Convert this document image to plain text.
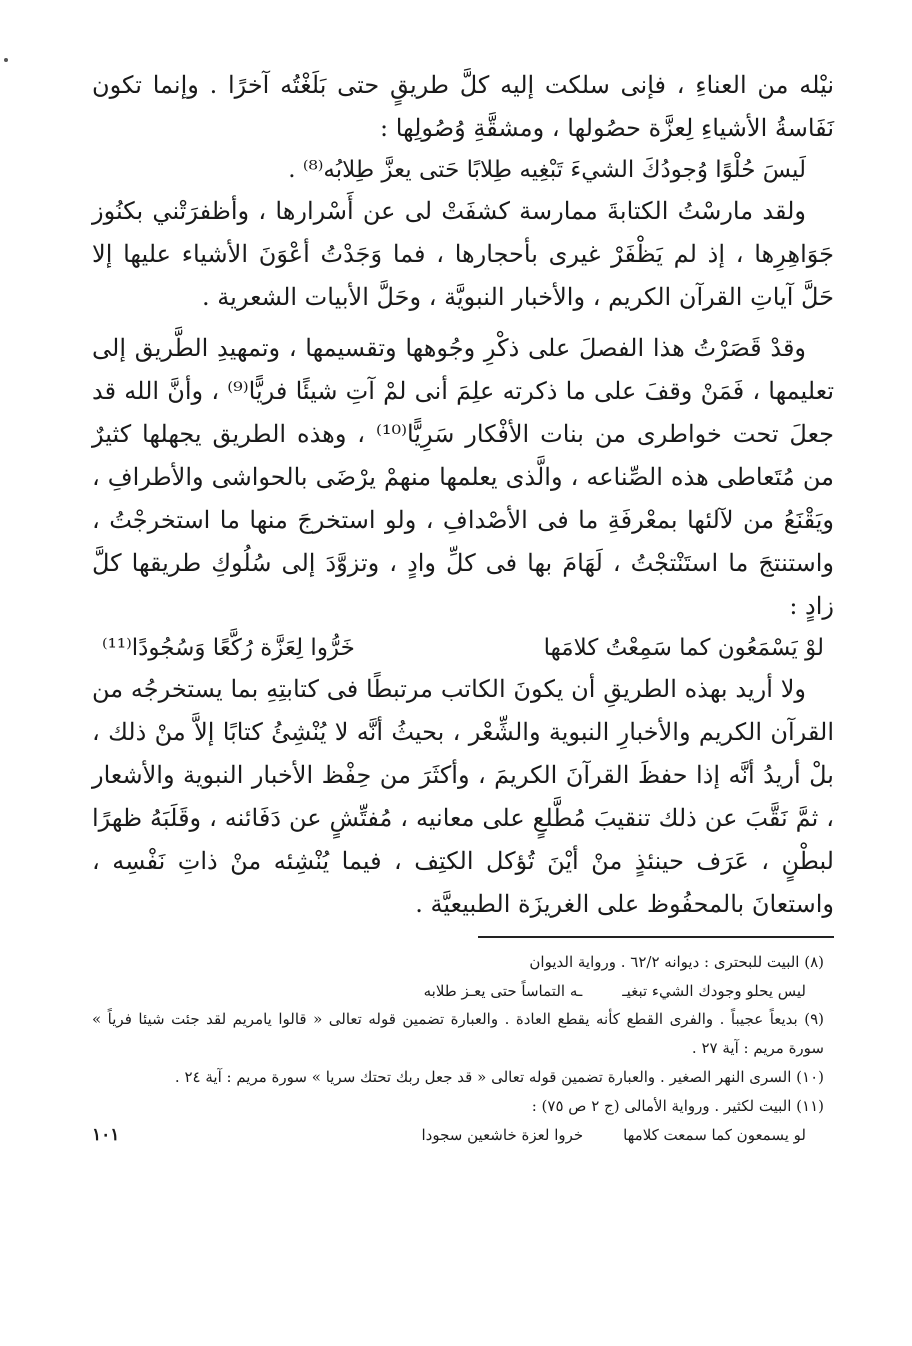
نيْله من العناءِ ، فإنى سلكت إليه كلَّ طريقٍ حتى بَلَغْتُه آخرًا . وإنما تكون نَفَاسةُ الأشياءِ لِعزَّة حصُولها ، ومشقَّةِ وُصُولِها :

لَيسَ حُلْوًا وُجودُكَ الشيءَ تَبْغِيه طِلابًا حَتى يعزَّ طِلابُه⁽⁸⁾ .

ولقد مارسْتُ الكتابةَ ممارسة كشفَتْ لى عن أَسْرارها ، وأظفرَتْني بكنُوز جَوَاهِرِها ، إذ لم يَظْفَرْ غيرى بأحجارها ، فما وَجَدْتُ أعْوَنَ الأشياء عليها إلا حَلَّ آياتِ القرآن الكريم ، والأخبار النبويَّة ، وحَلَّ الأبيات الشعرية .

وقدْ قَصَرْتُ هذا الفصلَ على ذكْرِ وجُوهها وتقسيمها ، وتمهيدِ الطَّريق إلى تعليمها ، فَمَنْ وقفَ على ما ذكرته علِمَ أنى لمْ آتِ شيئًا فريًّا⁽⁹⁾ ، وأنَّ الله قد جعلَ تحت خواطرى من بنات الأفْكار سَرِيًّا⁽¹⁰⁾ ، وهذه الطريق يجهلها كثيرٌ من مُتَعاطى هذه الصِّناعه ، والَّذى يعلمها منهمْ يرْضَى بالحواشى والأطرافِ ، ويَقْنَعُ من لآلئها بمعْرفَةِ ما فى الأصْدافِ ، ولو استخرجَ منها ما استخرجْتُ ، واستنتجَ ما استَنْتجْتُ ، لَهَامَ بها فى كلِّ وادٍ ، وتزوَّدَ إلى سُلُوكِ طريقها كلَّ زادٍ :

لوْ يَسْمَعُون كما سَمِعْتُ كلامَها
خَرُّوا لِعَزَّة رُكَّعًا وَسُجُودًا⁽¹¹⁾

ولا أريد بهذه الطريقِ أن يكونَ الكاتب مرتبطًا فى كتابتِهِ بما يستخرجُه من القرآن الكريم والأخبارِ النبوية والشِّعْر ، بحيثُ أنَّه لا يُنْشِئُ كتابًا إلاَّ منْ ذلك ، بلْ أريدُ أنَّه إذا حفظَ القرآنَ الكريمَ ، وأكثَرَ من حِفْظ الأخبار النبوية والأشعار ، ثمَّ نَقَّبَ عن ذلك تنقيبَ مُطَّلعٍ على معانيه ، مُفتِّشٍ عن دَفَائنه ، وقَلَبَهُ ظهرًا لبطْنٍ ، عَرَف حينئذٍ منْ أيْنَ تُؤكل الكتِف ، فيما يُنْشِئه منْ ذاتِ نَفْسِه ، واستعانَ بالمحفُوظ على الغريزَة الطبيعيَّة .

(٨) البيت للبحترى : ديوانه ٦٢/٢ . ورواية الديوان

ليس يحلو وجودك الشيء تبغيـ
ـه التماساً حتى يعـز طلابه

(٩) بديعاً عجيباً . والفرى القطع كأنه يقطع العادة . والعبارة تضمين قوله تعالى « قالوا يامريم لقد جئت شيئا فرياً » سورة مريم : آية ٢٧ .

(١٠) السرى النهر الصغير . والعبارة تضمين قوله تعالى « قد جعل ربك تحتك سريا » سورة مريم : آية ٢٤ .

(١١) البيت لكثير . ورواية الأمالى (ج ٢ ص ٧٥) :

لو يسمعون كما سمعت كلامها
خروا لعزة خاشعين سجودا
١٠١
